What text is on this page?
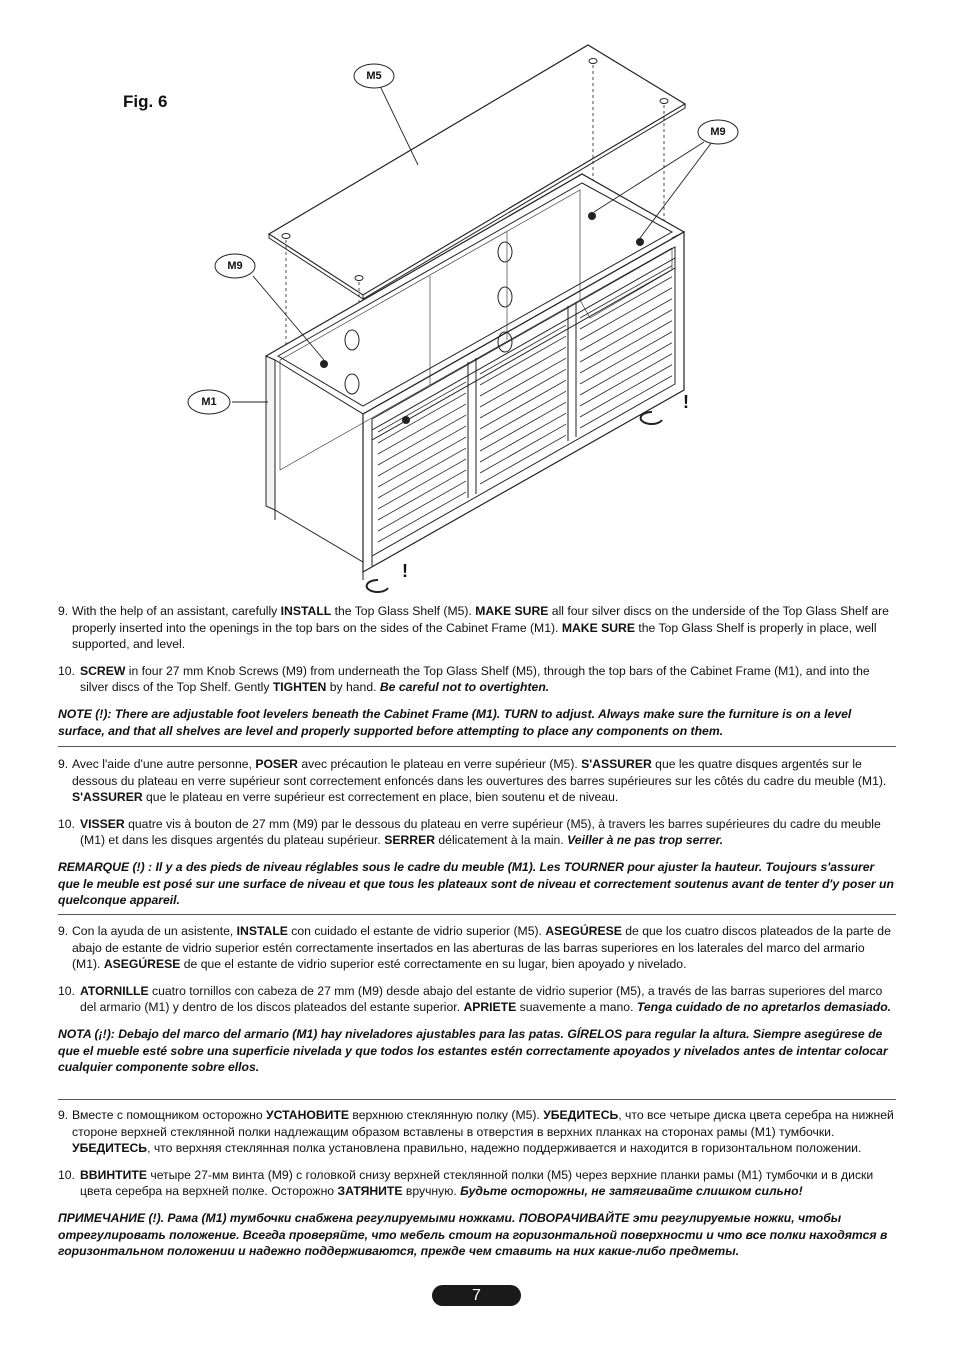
Fig. 6
!
!
M5
M9
M9
M1

9. With the help of an assistant, carefully INSTALL the Top Glass Shelf (M5). MAKE SURE all four silver discs on the underside of the Top Glass Shelf are properly inserted into the openings in the top bars on the sides of the Cabinet Frame (M1). MAKE SURE the Top Glass Shelf is properly in place, well supported, and level.

10. SCREW in four 27 mm Knob Screws (M9) from underneath the Top Glass Shelf (M5), through the top bars of the Cabinet Frame (M1), and into the silver discs of the Top Shelf. Gently TIGHTEN by hand. Be careful not to overtighten.

NOTE (!): There are adjustable foot levelers beneath the Cabinet Frame (M1). TURN to adjust. Always make sure the furniture is on a level surface, and that all shelves are level and properly supported before attempting to place any components on them.

9. Avec l'aide d'une autre personne, POSER avec précaution le plateau en verre supérieur (M5). S'ASSURER que les quatre disques argentés sur le dessous du plateau en verre supérieur sont correctement enfoncés dans les ouvertures des barres supérieures sur les côtés du cadre du meuble (M1). S'ASSURER que le plateau en verre supérieur est correctement en place, bien soutenu et de niveau.

10. VISSER quatre vis à bouton de 27 mm (M9) par le dessous du plateau en verre supérieur (M5), à travers les barres supérieures du cadre du meuble (M1) et dans les disques argentés du plateau supérieur. SERRER délicatement à la main. Veiller à ne pas trop serrer.

REMARQUE (!) : Il y a des pieds de niveau réglables sous le cadre du meuble (M1). Les TOURNER pour ajuster la hauteur. Toujours s'assurer que le meuble est posé sur une surface de niveau et que tous les plateaux sont de niveau et correctement soutenus avant de tenter d'y poser un quelconque appareil.

9. Con la ayuda de un asistente, INSTALE con cuidado el estante de vidrio superior (M5). ASEGÚRESE de que los cuatro discos plateados de la parte de abajo de estante de vidrio superior estén correctamente insertados en las aberturas de las barras superiores en los laterales del marco del armario (M1). ASEGÚRESE de que el estante de vidrio superior esté correctamente en su lugar, bien apoyado y nivelado.

10. ATORNILLE cuatro tornillos con cabeza de 27 mm (M9) desde abajo del estante de vidrio superior (M5), a través de las barras superiores del marco del armario (M1) y dentro de los discos plateados del estante superior. APRIETE suavemente a mano. Tenga cuidado de no apretarlos demasiado.

NOTA (¡!): Debajo del marco del armario (M1) hay niveladores ajustables para las patas. GÍRELOS para regular la altura. Siempre asegúrese de que el mueble esté sobre una superficie nivelada y que todos los estantes estén correctamente apoyados y nivelados antes de intentar colocar cualquier componente sobre ellos.

9. Вместе с помощником осторожно УСТАНОВИТЕ верхнюю стеклянную полку (М5). УБЕДИТЕСЬ, что все четыре диска цвета серебра на нижней стороне верхней стеклянной полки надлежащим образом вставлены в отверстия в верхних планках на сторонах рамы (М1) тумбочки. УБЕДИТЕСЬ, что верхняя стеклянная полка установлена правильно, надежно поддерживается и находится в горизонтальном положении.

10. ВВИНТИТЕ четыре 27-мм винта (М9) с головкой снизу верхней стеклянной полки (М5) через верхние планки рамы (М1) тумбочки и в диски цвета серебра на верхней полке. Осторожно ЗАТЯНИТЕ вручную. Будьте осторожны, не затягивайте слишком сильно!

ПРИМЕЧАНИЕ (!). Рама (М1) тумбочки снабжена регулируемыми ножками. ПОВОРАЧИВАЙТЕ эти регулируемые ножки, чтобы отрегулировать положение. Всегда проверяйте, что мебель стоит на горизонтальной поверхности и что все полки находятся в горизонтальном положении и надежно поддерживаются, прежде чем ставить на них какие-либо предметы.

7
